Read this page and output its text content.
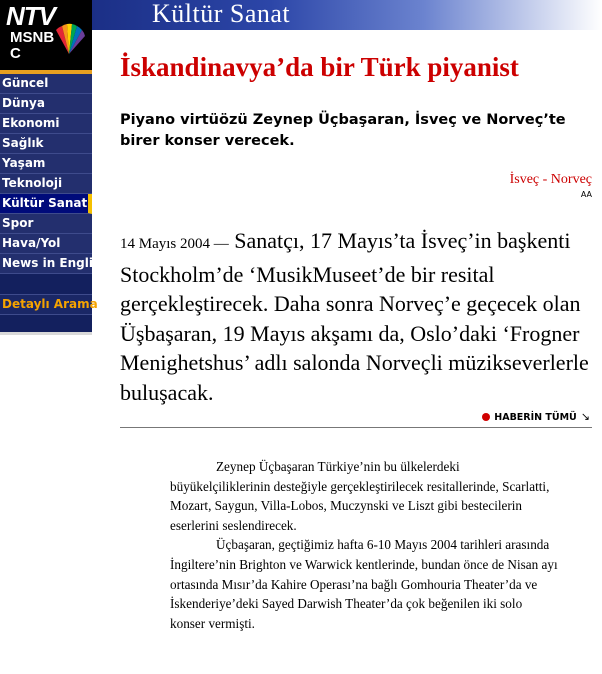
Kültür Sanat
NTV
MSNBC
Güncel
Dünya
Ekonomi
Sağlık
Yaşam
Teknoloji
Kültür Sanat
Spor
Hava/Yol
News in English
Detaylı Arama
İskandinavya’da bir Türk piyanist

Piyano virtüözü Zeynep Üçbaşaran, İsveç ve Norveç’te birer konser verecek.

İsveç - Norveç
AA
14 Mayıs 2004 — Sanatçı, 17 Mayıs’ta İsveç’in başkenti Stockholm’de ‘MusikMuseet’de bir resital gerçekleştirecek. Daha sonra Norveç’e geçecek olan Üşbaşaran, 19 Mayıs akşamı da, Oslo’daki ‘Frogner Menighetshus’ adlı salonda Norveçli müzikseverlerle buluşacak.
HABERİN TÜMÜ ↘

Zeynep Üçbaşaran Türkiye’nin bu ülkelerdeki büyükelçiliklerinin desteğiyle gerçekleştirilecek resitallerinde, Scarlatti, Mozart, Saygun, Villa-Lobos, Muczynski ve Liszt gibi bestecilerin eserlerini seslendirecek.

Üçbaşaran, geçtiğimiz hafta 6-10 Mayıs 2004 tarihleri arasında İngiltere’nin Brighton ve Warwick kentlerinde, bundan önce de Nisan ayı ortasında Mısır’da Kahire Operası’na bağlı Gomhouria Theater’da ve İskenderiye’deki Sayed Darwish Theater’da çok beğenilen iki solo konser vermişti.
